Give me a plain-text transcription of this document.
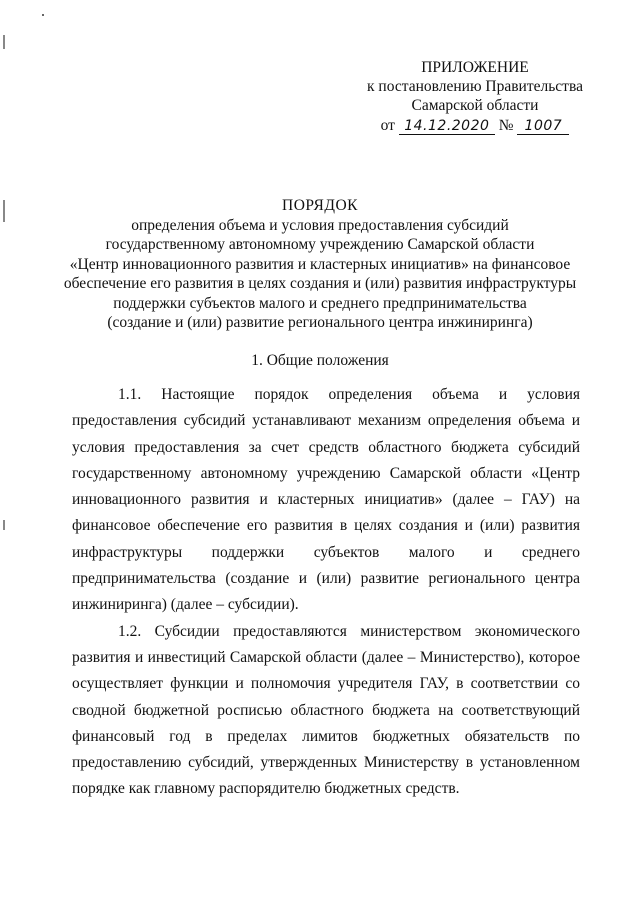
ПРИЛОЖЕНИЕ
к постановлению Правительства
Самарской области
от 14.12.2020 № 1007
ПОРЯДОК
определения объема и условия предоставления субсидий
государственному автономному учреждению Самарской области
«Центр инновационного развития и кластерных инициатив» на финансовое
обеспечение его развития в целях создания и (или) развития инфраструктуры
поддержки субъектов малого и среднего предпринимательства
(создание и (или) развитие регионального центра инжиниринга)
1. Общие положения

1.1. Настоящие порядок определения объема и условия предоставления субсидий устанавливают механизм определения объема и условия предоставления за счет средств областного бюджета субсидий государственному автономному учреждению Самарской области «Центр инновационного развития и кластерных инициатив» (далее – ГАУ) на финансовое обеспечение его развития в целях создания и (или) развития инфраструктуры поддержки субъектов малого и среднего предпринимательства (создание и (или) развитие регионального центра инжиниринга) (далее – субсидии).

1.2. Субсидии предоставляются министерством экономического развития и инвестиций Самарской области (далее – Министерство), которое осуществляет функции и полномочия учредителя ГАУ, в соответствии со сводной бюджетной росписью областного бюджета на соответствующий финансовый год в пределах лимитов бюджетных обязательств по предоставлению субсидий, утвержденных Министерству в установленном порядке как главному распорядителю бюджетных средств.
